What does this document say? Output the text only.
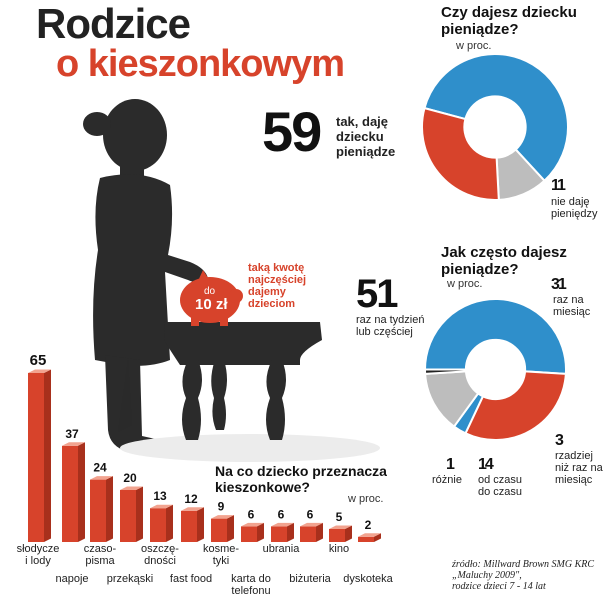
Rodzice
o kieszonkowym
do
10 zł
taką kwotę najczęściej dajemy dzieciom
Czy dajesz dziecku pieniądze?
w proc.
59 tak, daję dziecku pieniądze
11
nie daję pieniędzy
Jak często dajesz pieniądze?
w proc.
51
raz na tydzień lub częściej
31
raz na miesiąc
3
rzadziej niż raz na miesiąc
14
od czasu do czasu
1
różnie
Na co dziecko przeznacza kieszonkowe?
w proc.
65
słodycze i lody
37
napoje
24
czaso-pisma
20
przekąski
13
oszczę-dności
12
fast food
9
kosme-tyki
6
karta do telefonu
6
ubrania
6
biżuteria
5
kino
2
dyskoteka
źródło: Millward Brown SMG KRC
„Maluchy 2009",
rodzice dzieci 7 - 14 lat
